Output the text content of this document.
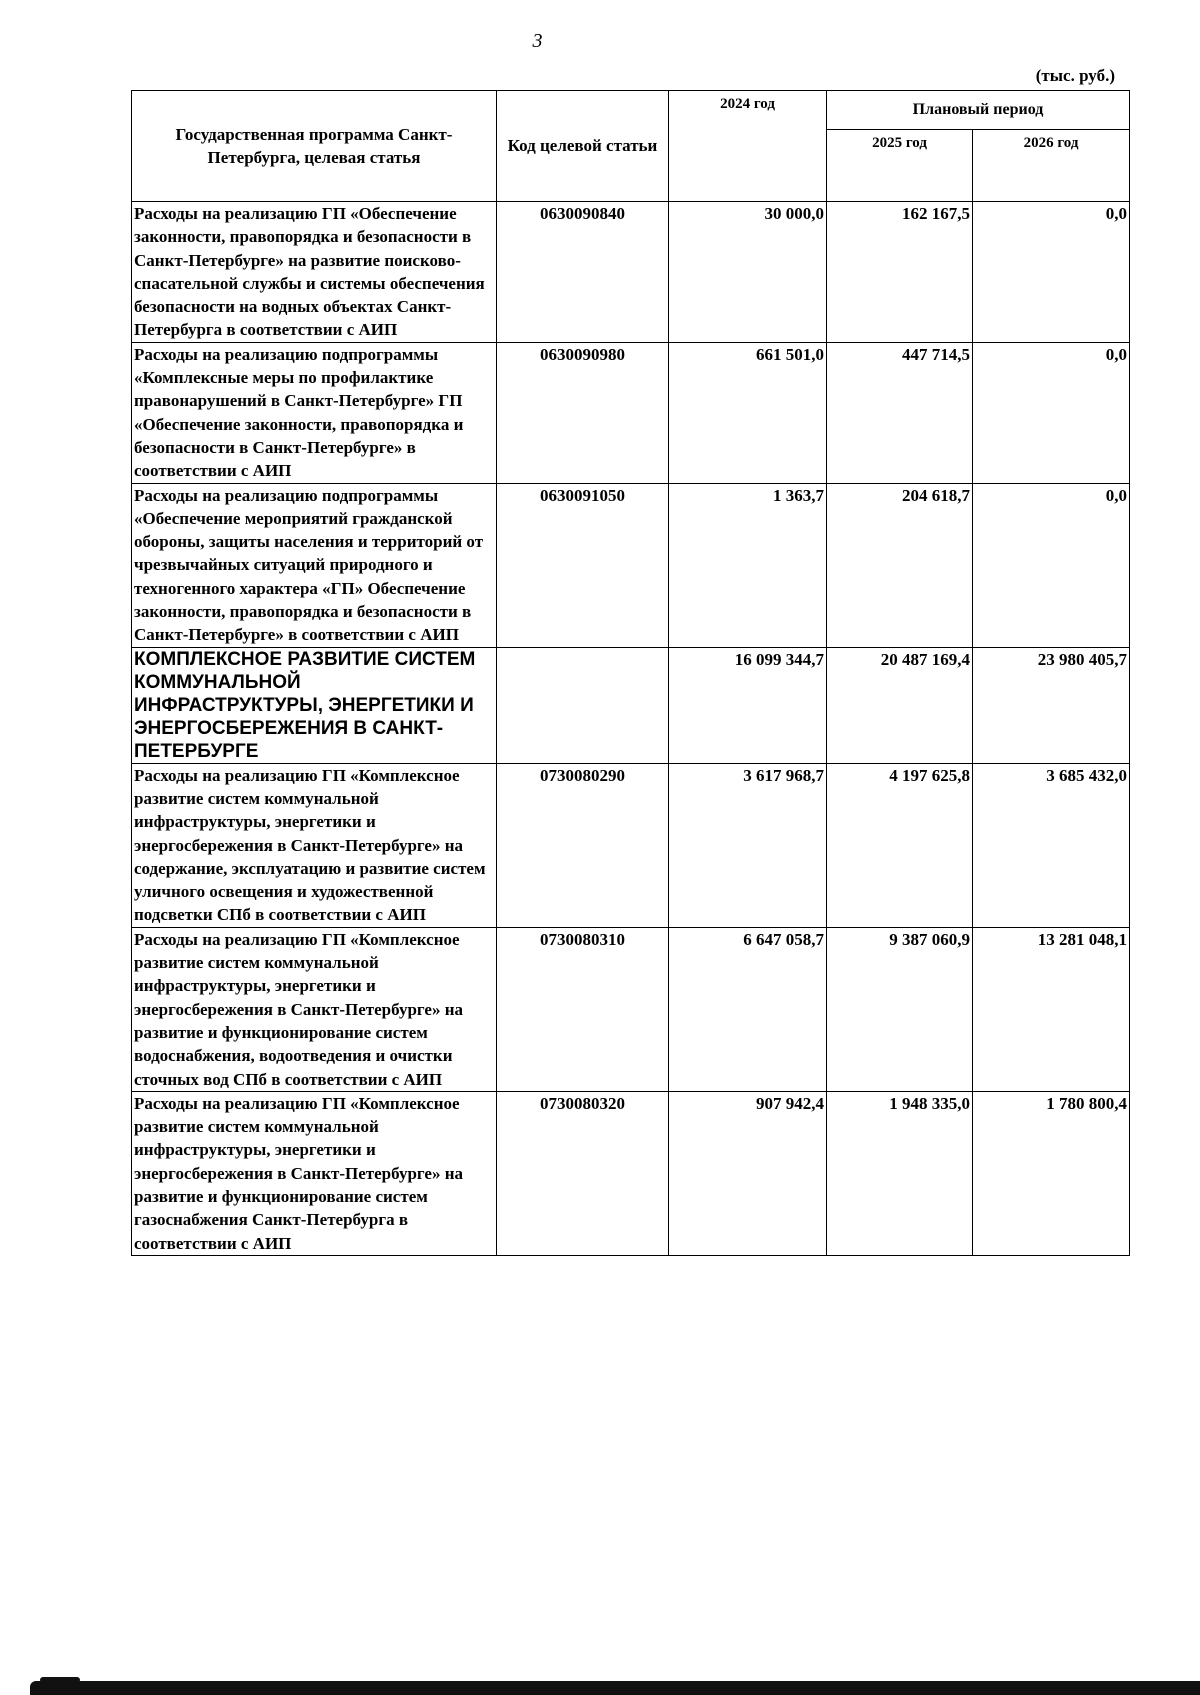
3
(тыс. руб.)
Государственная программа Санкт-Петербурга, целевая статья	Код целевой статьи	2024 год	Плановый период	
			2025 год	2026 год
Расходы на реализацию ГП «Обеспечение законности, правопорядка и безопасности в Санкт-Петербурге» на развитие поисково-спасательной службы и системы обеспечения безопасности на водных объектах Санкт-Петербурга в соответствии с АИП	0630090840	30 000,0	162 167,5	0,0
Расходы на реализацию подпрограммы «Комплексные меры по профилактике правонарушений в Санкт-Петербурге» ГП «Обеспечение законности, правопорядка и безопасности в Санкт-Петербурге» в соответствии с АИП	0630090980	661 501,0	447 714,5	0,0
Расходы на реализацию подпрограммы «Обеспечение мероприятий гражданской обороны, защиты населения и территорий от чрезвычайных ситуаций природного и техногенного характера «ГП» Обеспечение законности, правопорядка и безопасности в Санкт-Петербурге» в соответствии с АИП	0630091050	1 363,7	204 618,7	0,0
КОМПЛЕКСНОЕ РАЗВИТИЕ СИСТЕМ КОММУНАЛЬНОЙ ИНФРАСТРУКТУРЫ, ЭНЕРГЕТИКИ И ЭНЕРГОСБЕРЕЖЕНИЯ В САНКТ-ПЕТЕРБУРГЕ		16 099 344,7	20 487 169,4	23 980 405,7
Расходы на реализацию ГП «Комплексное развитие систем коммунальной инфраструктуры, энергетики и энергосбережения в Санкт-Петербурге» на содержание, эксплуатацию и развитие систем уличного освещения и художественной подсветки СПб в соответствии с АИП	0730080290	3 617 968,7	4 197 625,8	3 685 432,0
Расходы на реализацию ГП «Комплексное развитие систем коммунальной инфраструктуры, энергетики и энергосбережения в Санкт-Петербурге» на развитие и функционирование систем водоснабжения, водоотведения и очистки сточных вод СПб в соответствии с АИП	0730080310	6 647 058,7	9 387 060,9	13 281 048,1
Расходы на реализацию ГП «Комплексное развитие систем коммунальной инфраструктуры, энергетики и энергосбережения в Санкт-Петербурге» на развитие и функционирование систем газоснабжения Санкт-Петербурга в соответствии с АИП	0730080320	907 942,4	1 948 335,0	1 780 800,4
